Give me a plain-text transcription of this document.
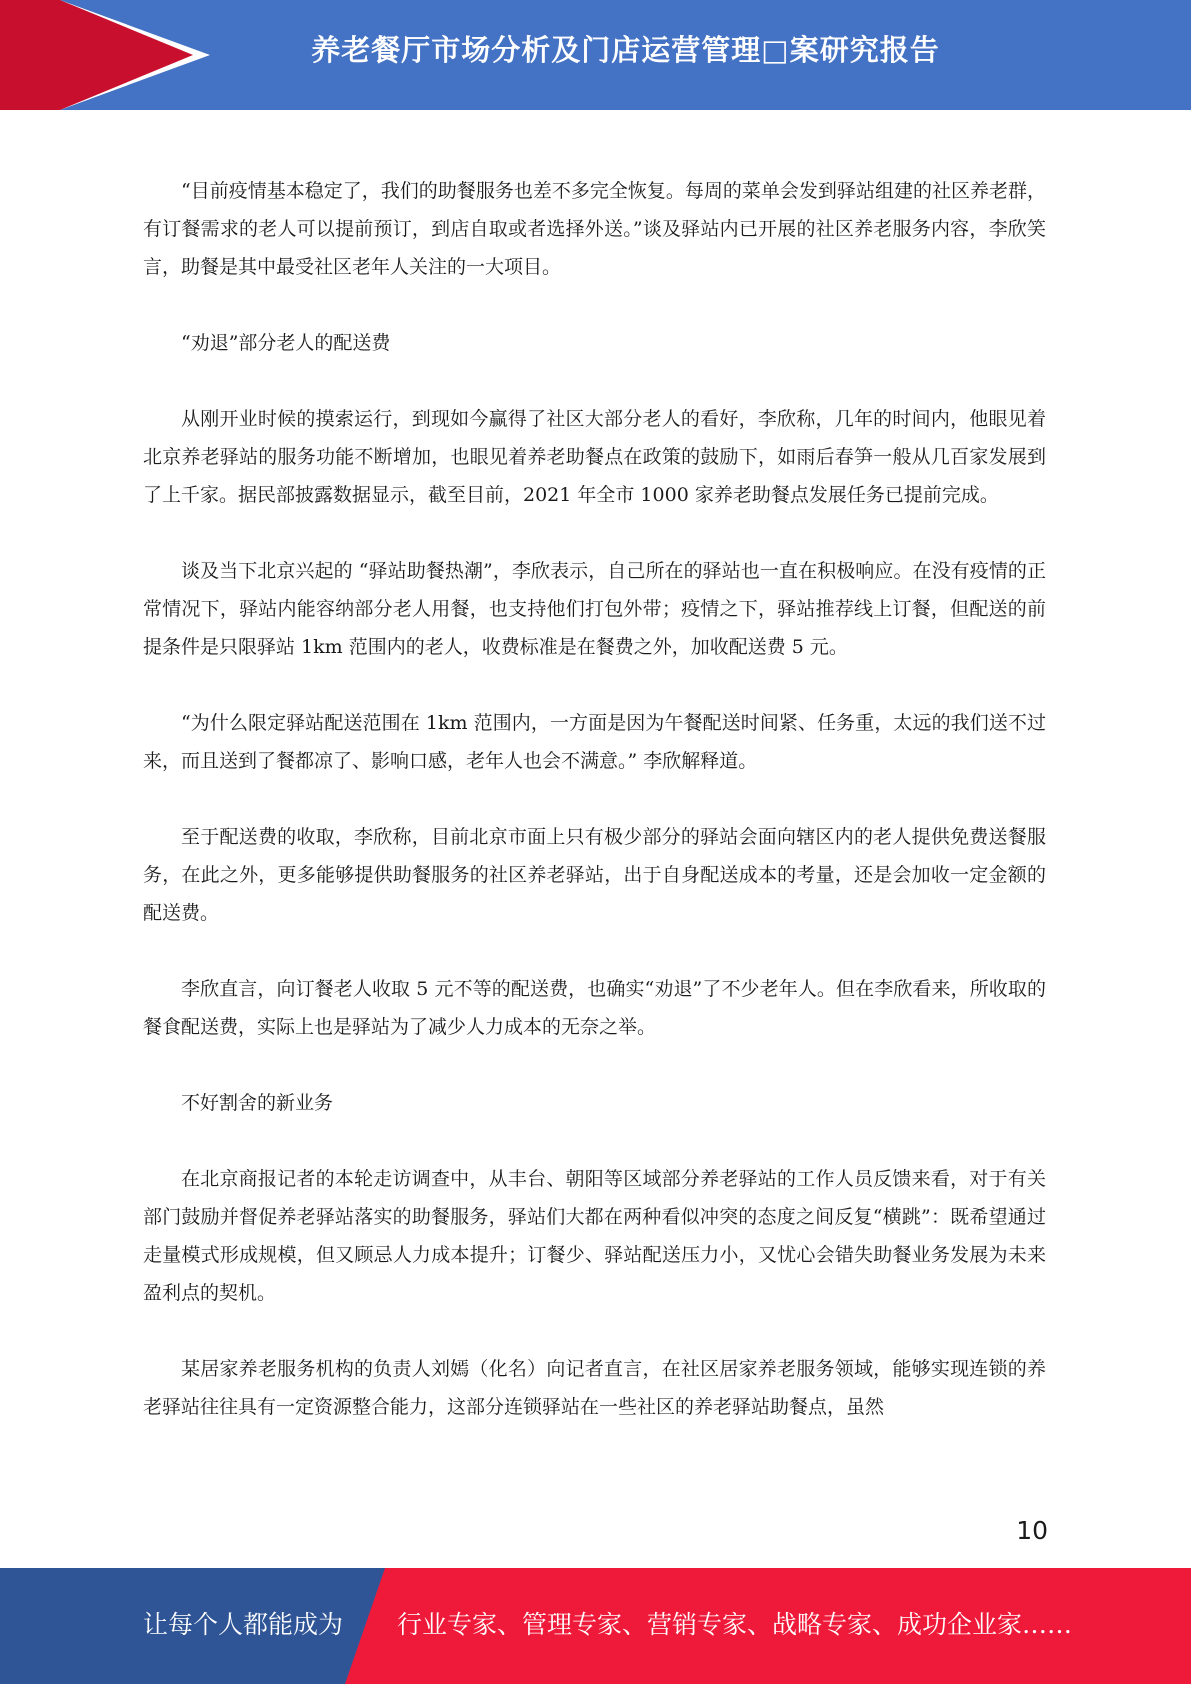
养老餐厅市场分析及门店运营管理□案研究报告

“目前疫情基本稳定了，我们的助餐服务也差不多完全恢复。每周的菜单会发到驿站组建的社区养老群，有订餐需求的老人可以提前预订，到店自取或者选择外送。”谈及驿站内已开展的社区养老服务内容，李欣笑言，助餐是其中最受社区老年人关注的一大项目。

“劝退”部分老人的配送费

从刚开业时候的摸索运行，到现如今赢得了社区大部分老人的看好，李欣称，几年的时间内，他眼见着北京养老驿站的服务功能不断增加，也眼见着养老助餐点在政策的鼓励下，如雨后春笋一般从几百家发展到了上千家。据民部披露数据显示，截至目前，2021 年全市 1000 家养老助餐点发展任务已提前完成。

谈及当下北京兴起的 “驿站助餐热潮”，李欣表示，自己所在的驿站也一直在积极响应。在没有疫情的正常情况下，驿站内能容纳部分老人用餐，也支持他们打包外带；疫情之下，驿站推荐线上订餐，但配送的前提条件是只限驿站 1km 范围内的老人，收费标准是在餐费之外，加收配送费 5 元。

“为什么限定驿站配送范围在 1km 范围内，一方面是因为午餐配送时间紧、任务重，太远的我们送不过来，而且送到了餐都凉了、影响口感，老年人也会不满意。” 李欣解释道。

至于配送费的收取，李欣称，目前北京市面上只有极少部分的驿站会面向辖区内的老人提供免费送餐服务，在此之外，更多能够提供助餐服务的社区养老驿站，出于自身配送成本的考量，还是会加收一定金额的配送费。

李欣直言，向订餐老人收取 5 元不等的配送费，也确实“劝退”了不少老年人。但在李欣看来，所收取的餐食配送费，实际上也是驿站为了减少人力成本的无奈之举。

不好割舍的新业务

在北京商报记者的本轮走访调查中，从丰台、朝阳等区域部分养老驿站的工作人员反馈来看，对于有关部门鼓励并督促养老驿站落实的助餐服务，驿站们大都在两种看似冲突的态度之间反复“横跳”：既希望通过走量模式形成规模，但又顾忌人力成本提升；订餐少、驿站配送压力小，又忧心会错失助餐业务发展为未来盈利点的契机。

某居家养老服务机构的负责人刘嫣（化名）向记者直言，在社区居家养老服务领域，能够实现连锁的养老驿站往往具有一定资源整合能力，这部分连锁驿站在一些社区的养老驿站助餐点，虽然

10
让每个人都能成为 行业专家、管理专家、营销专家、战略专家、成功企业家……
